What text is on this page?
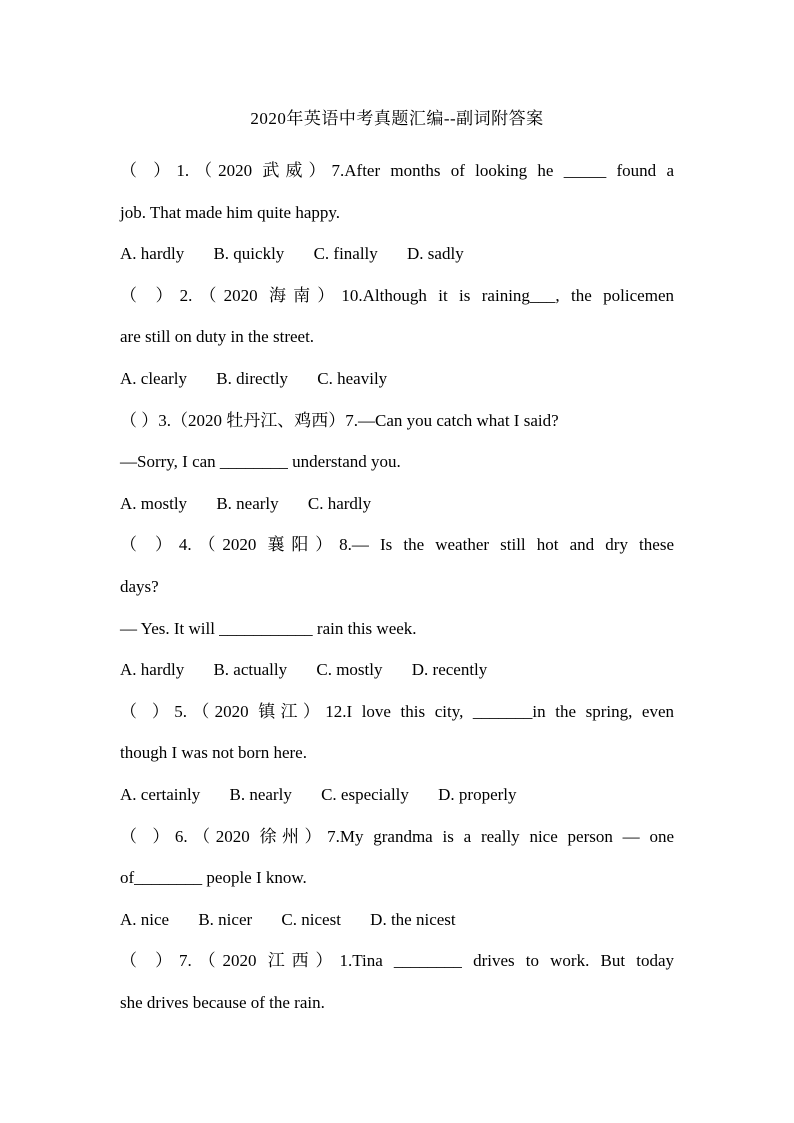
2020年英语中考真题汇编--副词附答案
（ ）1.（2020 武威）7.After months of looking he _____ found a
job. That made him quite happy.
A. hardly B. quickly C. finally D. sadly
（ ）2.（2020 海南）10.Although it is raining___, the policemen
are still on duty in the street.
A. clearly B. directly C. heavily
（ ）3.（2020 牡丹江、鸡西）7.—Can you catch what I said?
—Sorry, I can ________ understand you.
A. mostly B. nearly C. hardly
（ ）4.（2020 襄阳）8.— Is the weather still hot and dry these
days?
— Yes. It will ___________ rain this week.
A. hardly B. actually C. mostly D. recently
（ ）5.（2020 镇江）12.I love this city, _______in the spring, even
though I was not born here.
A. certainly B. nearly C. especially D. properly
（ ）6.（2020 徐州）7.My grandma is a really nice person — one
of________ people I know.
A. nice B. nicer C. nicest D. the nicest
（ ）7.（2020 江西）1.Tina ________ drives to work. But today
she drives because of the rain.
